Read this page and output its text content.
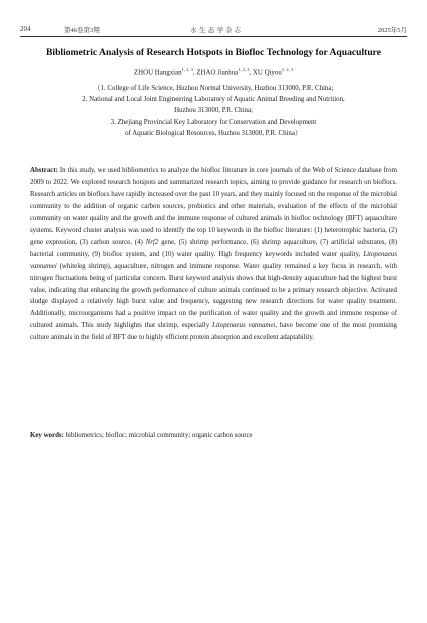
204	第46卷第3期	水生态学杂志	2025年5月
Bibliometric Analysis of Research Hotspots in Biofloc Technology for Aquaculture
ZHOU Hangxian$^{1, 2, 3}$, ZHAO Jianhua$^{1, 2, 3}$, XU Qiyou$^{1, 2, 3}$
（1. College of Life Science, Huzhou Normal University, Huzhou 313000, P.R. China;
2. National and Local Joint Engineering Laboratory of Aquatic Animal Breeding and Nutrition,
Huzhou 313000, P.R. China;
3. Zhejiang Provincial Key Laboratory for Conservation and Development
of Aquatic Biological Resources, Huzhou 313000, P.R. China）
Abstract: In this study, we used bibliometrics to analyze the biofloc literature in core journals of the Web of Science database from 2009 to 2022. We explored research hotspots and summarized research topics, aiming to provide guidance for research on bioflocs. Research articles on bioflocs have rapidly increased over the past 10 years, and they mainly focused on the response of the microbial community to the addition of organic carbon sources, probiotics and other materials, evaluation of the effects of the microbial community on water quality and the growth and the immune response of cultured animals in biofloc technology (BFT) aquaculture systems. Keyword cluster analysis was used to identify the top 10 keywords in the biofloc literature: (1) heterotrophic bacteria, (2) gene expression, (3) carbon source, (4) Nrf2 gene, (5) shrimp performance, (6) shrimp aquaculture, (7) artificial substrates, (8) bacterial community, (9) biofloc system, and (10) water quality. High frequency keywords included water quality, Litopenaeus vannamei (whiteleg shrimp), aquaculture, nitrogen and immune response. Water quality remained a key focus in research, with nitrogen fluctuations being of particular concern. Burst keyword analysis shows that high-density aquaculture had the highest burst value, indicating that enhancing the growth performance of culture animals continued to be a primary research objective. Activated sludge displayed a relatively high burst value and frequency, suggesting new research directions for water quality treatment. Additionally, microorganisms had a positive impact on the purification of water quality and the growth and immune response of cultured animals. This study highlights that shrimp, especially Litopenaeus vannamei, have become one of the most promising culture animals in the field of BFT due to highly efficient protein absorption and excellent adaptability.
Key words: bibliometrics; biofloc; microbial community; organic carbon source
